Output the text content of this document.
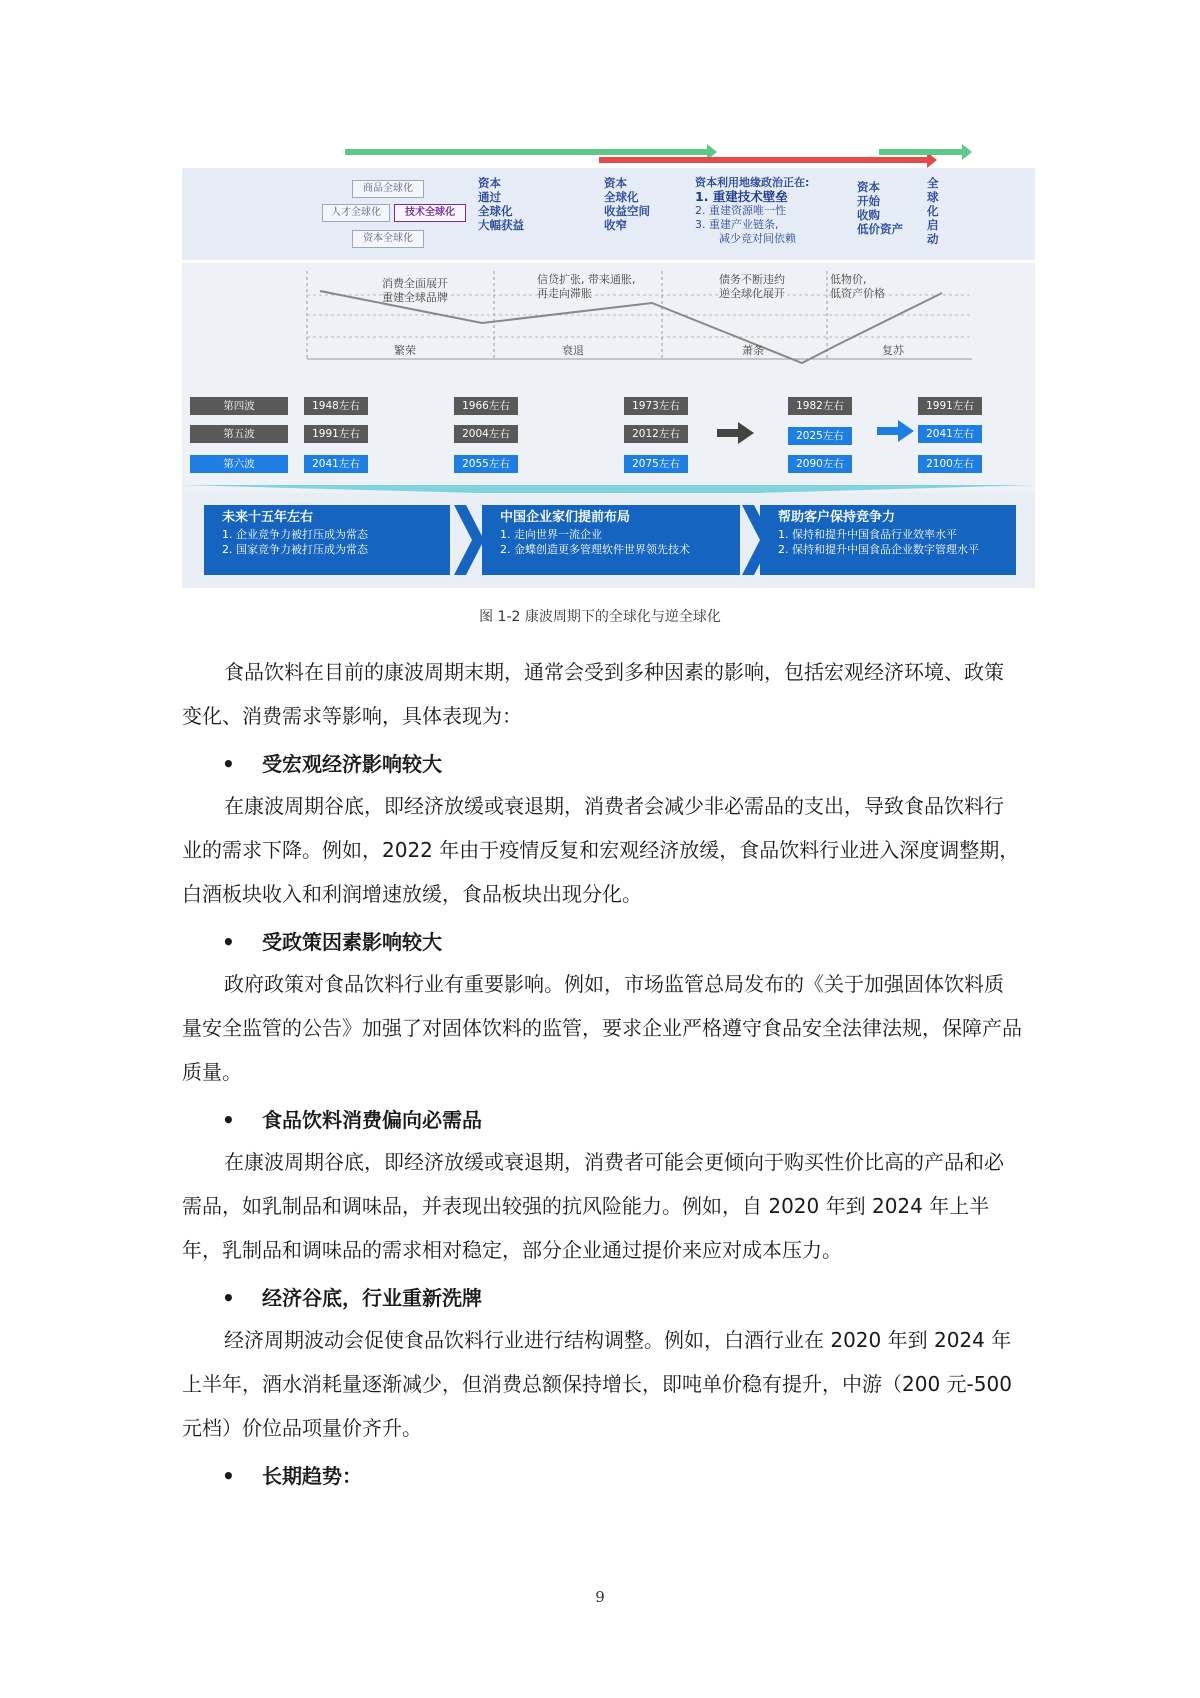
商品全球化
人才全球化	技术全球化
资本全球化
资本
通过
全球化
大幅获益
资本
全球化
收益空间
收窄
资本利用地缘政治正在:
1. 重建技术壁垒
2. 重建资源唯一性
3. 重建产业链条,
减少竞对间依赖
资本
开始
收购
低价资产
全
球
化
启
动
消费全面展开
重建全球品牌
信贷扩张, 带来通胀,
再走向滞胀
债务不断违约
逆全球化展开
低物价,
低资产价格
繁荣	衰退	萧条	复苏
第四波	1948左右	1966左右	1973左右	1982左右	1991左右
第五波	1991左右	2004左右	2012左右	2025左右	2041左右
第六波	2041左右	2055左右	2075左右	2090左右	2100左右
未来十五年左右
1. 企业竞争力被打压成为常态
2. 国家竞争力被打压成为常态
中国企业家们提前布局
1. 走向世界一流企业
2. 金蝶创造更多管理软件世界领先技术
帮助客户保持竞争力
1. 保持和提升中国食品行业效率水平
2. 保持和提升中国食品企业数字管理水平
图 1-2 康波周期下的全球化与逆全球化
食品饮料在目前的康波周期末期，通常会受到多种因素的影响，包括宏观经济环境、政策变化、消费需求等影响，具体表现为：
• 受宏观经济影响较大
在康波周期谷底，即经济放缓或衰退期，消费者会减少非必需品的支出，导致食品饮料行业的需求下降。例如，2022 年由于疫情反复和宏观经济放缓，食品饮料行业进入深度调整期，白酒板块收入和利润增速放缓，食品板块出现分化。
• 受政策因素影响较大
政府政策对食品饮料行业有重要影响。例如，市场监管总局发布的《关于加强固体饮料质量安全监管的公告》加强了对固体饮料的监管，要求企业严格遵守食品安全法律法规，保障产品质量。
• 食品饮料消费偏向必需品
在康波周期谷底，即经济放缓或衰退期，消费者可能会更倾向于购买性价比高的产品和必需品，如乳制品和调味品，并表现出较强的抗风险能力。例如，自 2020 年到 2024 年上半年，乳制品和调味品的需求相对稳定，部分企业通过提价来应对成本压力。
• 经济谷底，行业重新洗牌
经济周期波动会促使食品饮料行业进行结构调整。例如，白酒行业在 2020 年到 2024 年上半年，酒水消耗量逐渐减少，但消费总额保持增长，即吨单价稳有提升，中游（200 元-500 元档）价位品项量价齐升。
• 长期趋势：
9
